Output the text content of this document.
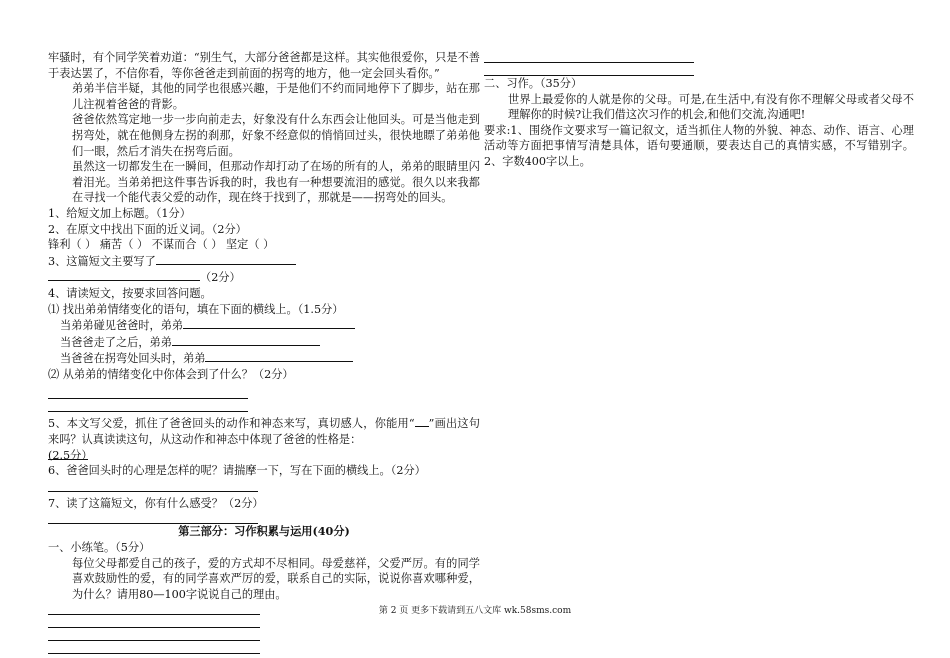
牢骚时，有个同学笑着劝道：“别生气，大部分爸爸都是这样。其实他很爱你，只是不善于表达罢了，不信你看，等你爸爸走到前面的拐弯的地方，他一定会回头看你。”

弟弟半信半疑，其他的同学也很感兴趣，于是他们不约而同地停下了脚步，站在那儿注视着爸爸的背影。

爸爸依然笃定地一步一步向前走去，好象没有什么东西会让他回头。可是当他走到拐弯处，就在他侧身左拐的刹那，好象不经意似的悄悄回过头，很快地瞟了弟弟他们一眼，然后才消失在拐弯后面。

虽然这一切都发生在一瞬间，但那动作却打动了在场的所有的人，弟弟的眼睛里闪着泪光。当弟弟把这件事告诉我的时，我也有一种想要流泪的感觉。很久以来我都在寻找一个能代表父爱的动作，现在终于找到了，那就是——拐弯处的回头。

1、给短文加上标题。（1分）

2、在原文中找出下面的近义词。（2分）

锋利（ ） 痛苦（ ） 不谋而合（ ） 坚定（ ）

3、这篇短文主要写了

（2分）

4、请读短文，按要求回答问题。

⑴ 找出弟弟情绪变化的语句，填在下面的横线上。（1.5分）

当弟弟碰见爸爸时，弟弟

当爸爸走了之后，弟弟

当爸爸在拐弯处回头时，弟弟

⑵ 从弟弟的情绪变化中你体会到了什么？（2分）

5、本文写父爱，抓住了爸爸回头的动作和神态来写，真切感人，你能用“ ”画出这句来吗？认真读读这句，从这动作和神态中体现了爸爸的性格是：

(2.5分）

6、爸爸回头时的心理是怎样的呢？请揣摩一下，写在下面的横线上。（2分）

7、读了这篇短文，你有什么感受？（2分）

第三部分：习作积累与运用(40分)

一、小练笔。（5分）

每位父母都爱自己的孩子，爱的方式却不尽相同。母爱慈祥，父爱严厉。有的同学喜欢鼓励性的爱，有的同学喜欢严厉的爱，联系自己的实际，说说你喜欢哪种爱，为什么？请用80—100字说说自己的理由。

二、习作。（35分）

世界上最爱你的人就是你的父母。可是,在生活中,有没有你不理解父母或者父母不理解你的时候?让我们借这次习作的机会,和他们交流,沟通吧!

要求:1、围绕作文要求写一篇记叙文，适当抓住人物的外貌、神态、动作、语言、心理活动等方面把事情写清楚具体，语句要通顺，要表达自己的真情实感，不写错别字。2、字数400字以上。

第 2 页 更多下载请到五八文库 wk.58sms.com
